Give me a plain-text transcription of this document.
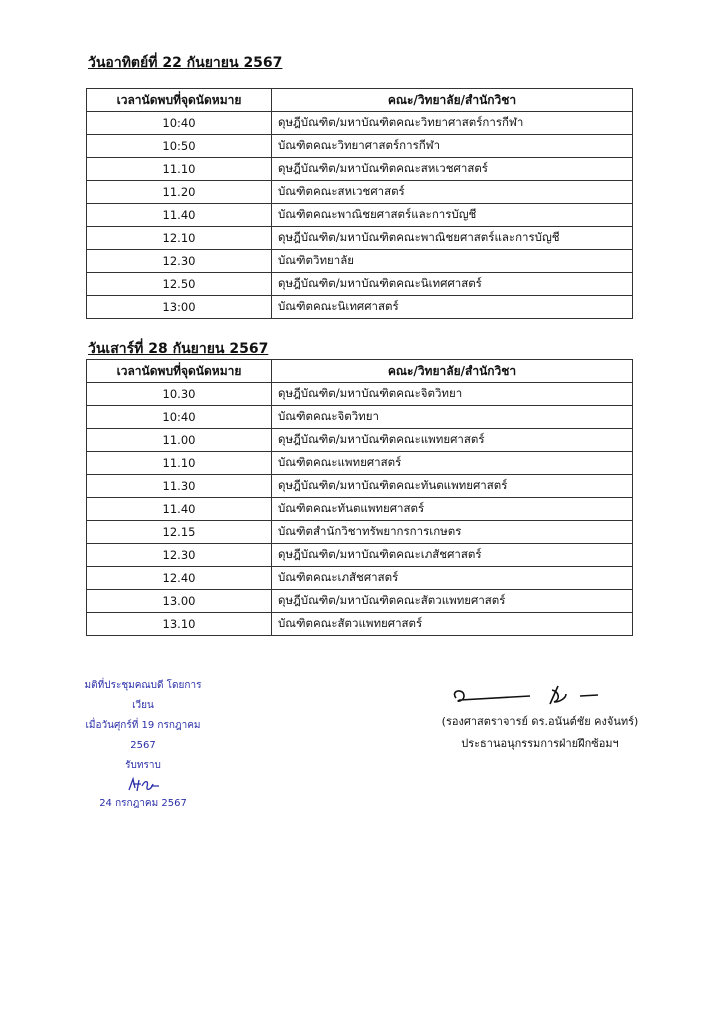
วันอาทิตย์ที่ 22 กันยายน 2567
เวลานัดพบที่จุดนัดหมาย	คณะ/วิทยาลัย/สำนักวิชา
10:40	ดุษฎีบัณฑิต/มหาบัณฑิตคณะวิทยาศาสตร์การกีฬา
10:50	บัณฑิตคณะวิทยาศาสตร์การกีฬา
11.10	ดุษฎีบัณฑิต/มหาบัณฑิตคณะสหเวชศาสตร์
11.20	บัณฑิตคณะสหเวชศาสตร์
11.40	บัณฑิตคณะพาณิชยศาสตร์และการบัญชี
12.10	ดุษฎีบัณฑิต/มหาบัณฑิตคณะพาณิชยศาสตร์และการบัญชี
12.30	บัณฑิตวิทยาลัย
12.50	ดุษฎีบัณฑิต/มหาบัณฑิตคณะนิเทศศาสตร์
13:00	บัณฑิตคณะนิเทศศาสตร์
วันเสาร์ที่ 28 กันยายน 2567
เวลานัดพบที่จุดนัดหมาย	คณะ/วิทยาลัย/สำนักวิชา
10.30	ดุษฎีบัณฑิต/มหาบัณฑิตคณะจิตวิทยา
10:40	บัณฑิตคณะจิตวิทยา
11.00	ดุษฎีบัณฑิต/มหาบัณฑิตคณะแพทยศาสตร์
11.10	บัณฑิตคณะแพทยศาสตร์
11.30	ดุษฎีบัณฑิต/มหาบัณฑิตคณะทันตแพทยศาสตร์
11.40	บัณฑิตคณะทันตแพทยศาสตร์
12.15	บัณฑิตสำนักวิชาทรัพยากรการเกษตร
12.30	ดุษฎีบัณฑิต/มหาบัณฑิตคณะเภสัชศาสตร์
12.40	บัณฑิตคณะเภสัชศาสตร์
13.00	ดุษฎีบัณฑิต/มหาบัณฑิตคณะสัตวแพทยศาสตร์
13.10	บัณฑิตคณะสัตวแพทยศาสตร์
มติที่ประชุมคณบดี โดยการเวียน
เมื่อวันศุกร์ที่ 19 กรกฎาคม 2567
รับทราบ
24 กรกฎาคม 2567
(รองศาสตราจารย์ ดร.อนันต์ชัย คงจันทร์)
ประธานอนุกรรมการฝ่ายฝึกซ้อมฯ
